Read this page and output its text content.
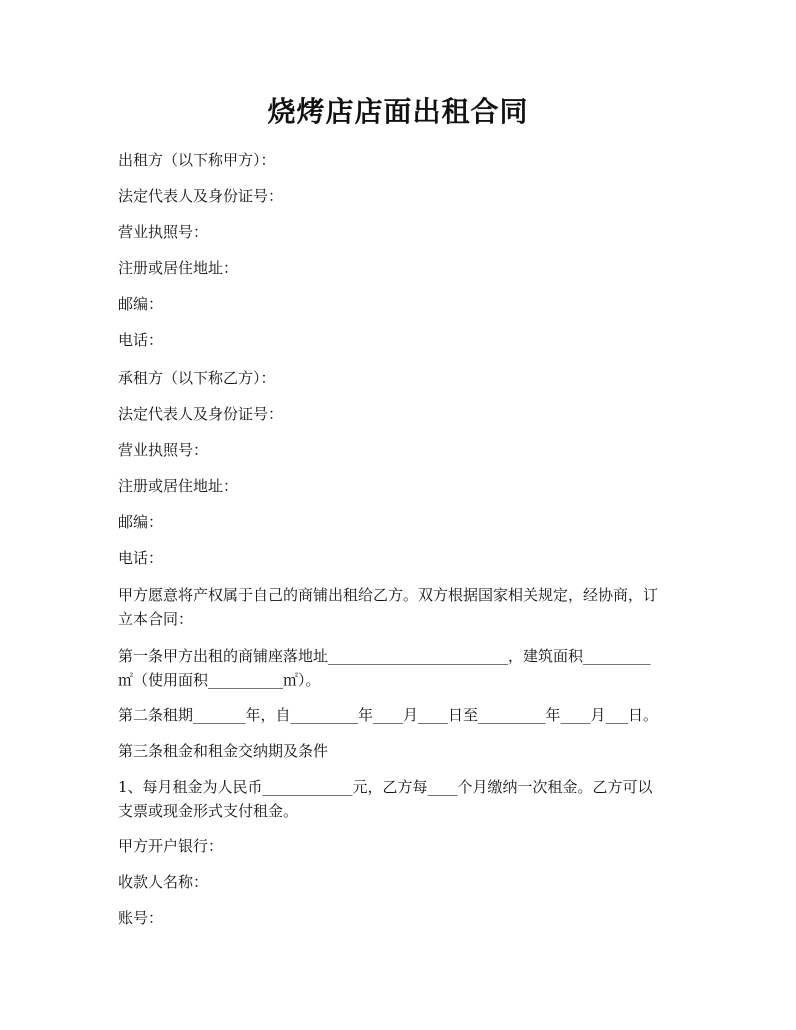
烧烤店店面出租合同
出租方（以下称甲方）：
法定代表人及身份证号：
营业执照号：
注册或居住地址：
邮编：
电话：
承租方（以下称乙方）：
法定代表人及身份证号：
营业执照号：
注册或居住地址：
邮编：
电话：
甲方愿意将产权属于自己的商铺出租给乙方。双方根据国家相关规定，经协商，订
立本合同：
第一条甲方出租的商铺座落地址________________________，建筑面积_________
㎡（使用面积__________㎡）。
第二条租期_______年，自_________年____月____日至_________年____月___日。
第三条租金和租金交纳期及条件
1、每月租金为人民币____________元，乙方每____个月缴纳一次租金。乙方可以
支票或现金形式支付租金。
甲方开户银行：
收款人名称：
账号：
